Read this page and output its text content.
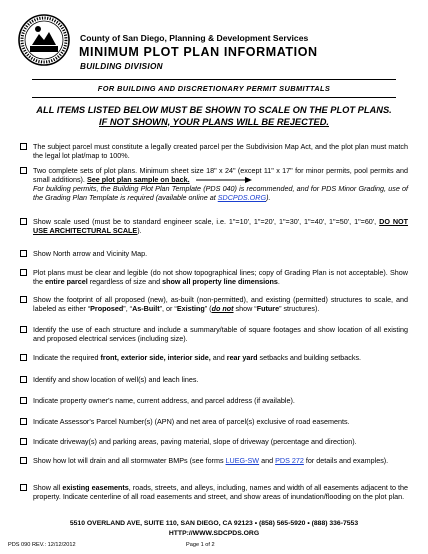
County of San Diego, Planning & Development Services
MINIMUM PLOT PLAN INFORMATION
BUILDING DIVISION
FOR BUILDING AND DISCRETIONARY PERMIT SUBMITTALS
ALL ITEMS LISTED BELOW MUST BE SHOWN TO SCALE ON THE PLOT PLANS.
IF NOT SHOWN, YOUR PLANS WILL BE REJECTED.
The subject parcel must constitute a legally created parcel per the Subdivision Map Act, and the plot plan must match the legal lot plat/map to 100%.
Two complete sets of plot plans. Minimum sheet size 18" x 24" (except 11" x 17" for minor permits, pool permits and small additions). See plot plan sample on back.
For building permits, the Building Plot Plan Template (PDS 040) is recommended, and for PDS Minor Grading, use of the Grading Plan Template is required (available online at SDCPDS.ORG).
Show scale used (must be to standard engineer scale, i.e. 1"=10', 1"=20', 1"=30', 1"=40', 1"=50', 1"=60', DO NOT USE ARCHITECTURAL SCALE).
Show North arrow and Vicinity Map.
Plot plans must be clear and legible (do not show topographical lines; copy of Grading Plan is not acceptable). Show the entire parcel regardless of size and show all property line dimensions.
Show the footprint of all proposed (new), as-built (non-permitted), and existing (permitted) structures to scale, and labeled as either “Proposed”, “As-Built”, or “Existing” (do not show “Future” structures).
Identify the use of each structure and include a summary/table of square footages and show location of all existing and proposed electrical services (including size).
Indicate the required front, exterior side, interior side, and rear yard setbacks and building setbacks.
Identify and show location of well(s) and leach lines.
Indicate property owner's name, current address, and parcel address (if available).
Indicate Assessor's Parcel Number(s) (APN) and net area of parcel(s) exclusive of road easements.
Indicate driveway(s) and parking areas, paving material, slope of driveway (percentage and direction).
Show how lot will drain and all stormwater BMPs (see forms LUEG-SW and PDS 272 for details and examples).
Show all existing easements, roads, streets, and alleys, including, names and width of all easements adjacent to the property. Indicate centerline of all road easements and street, and show areas of inundation/flooding on the plot plan.
5510 OVERLAND AVE, SUITE 110, SAN DIEGO, CA 92123 • (858) 565-5920 • (888) 336-7553
HTTP://WWW.SDCPDS.ORG
PDS 090 REV.: 12/12/2012	Page 1 of 2
